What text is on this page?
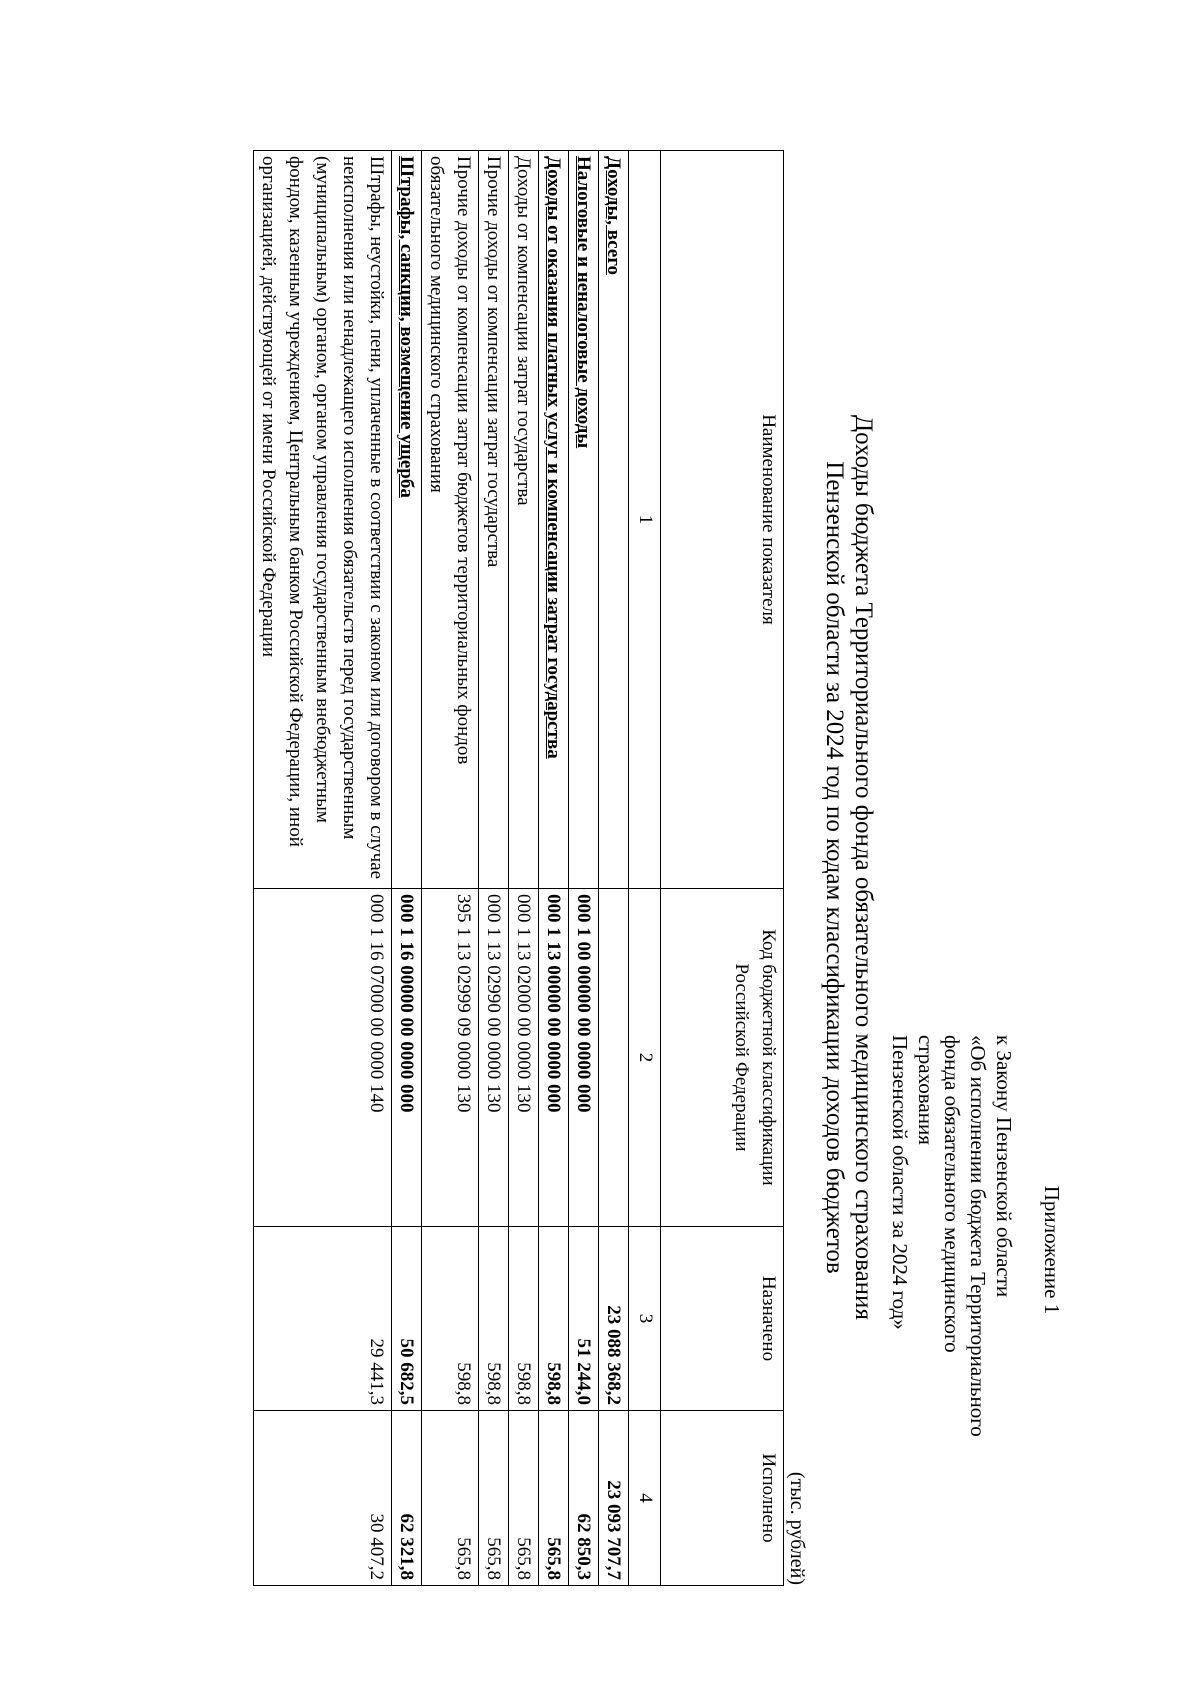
Приложение 1
к Закону Пензенской области
«Об исполнении бюджета Территориального
фонда обязательного медицинского страхования
Пензенской области за 2024 год»
Доходы бюджета Территориального фонда обязательного медицинского страхования
Пензенской области за 2024 год по кодам классификации доходов бюджетов
(тыс. рублей)
Наименование показателя	Код бюджетной классификации Российской Федерации	Назначено	Исполнено
1	2	3	4
Доходы, всего		23 088 368,2	23 093 707,7
Налоговые и неналоговые доходы	000 1 00 00000 00 0000 000	51 244,0	62 850,3
Доходы от оказания платных услуг и компенсации затрат государства	000 1 13 00000 00 0000 000	598,8	565,8
Доходы от компенсации затрат государства	000 1 13 02000 00 0000 130	598,8	565,8
Прочие доходы от компенсации затрат государства	000 1 13 02990 00 0000 130	598,8	565,8
Прочие доходы от компенсации затрат бюджетов территориальных фондов обязательного медицинского страхования	395 1 13 02999 09 0000 130	598,8	565,8
Штрафы, санкции, возмещение ущерба	000 1 16 00000 00 0000 000	50 682,5	62 321,8
Штрафы, неустойки, пени, уплаченные в соответствии с законом или договором в случае неисполнения или ненадлежащего исполнения обязательств перед государственным (муниципальным) органом, органом управления государственным внебюджетным фондом, казенным учреждением, Центральным банком Российской Федерации, иной организацией, действующей от имени Российской Федерации	000 1 16 07000 00 0000 140	29 441,3	30 407,2
